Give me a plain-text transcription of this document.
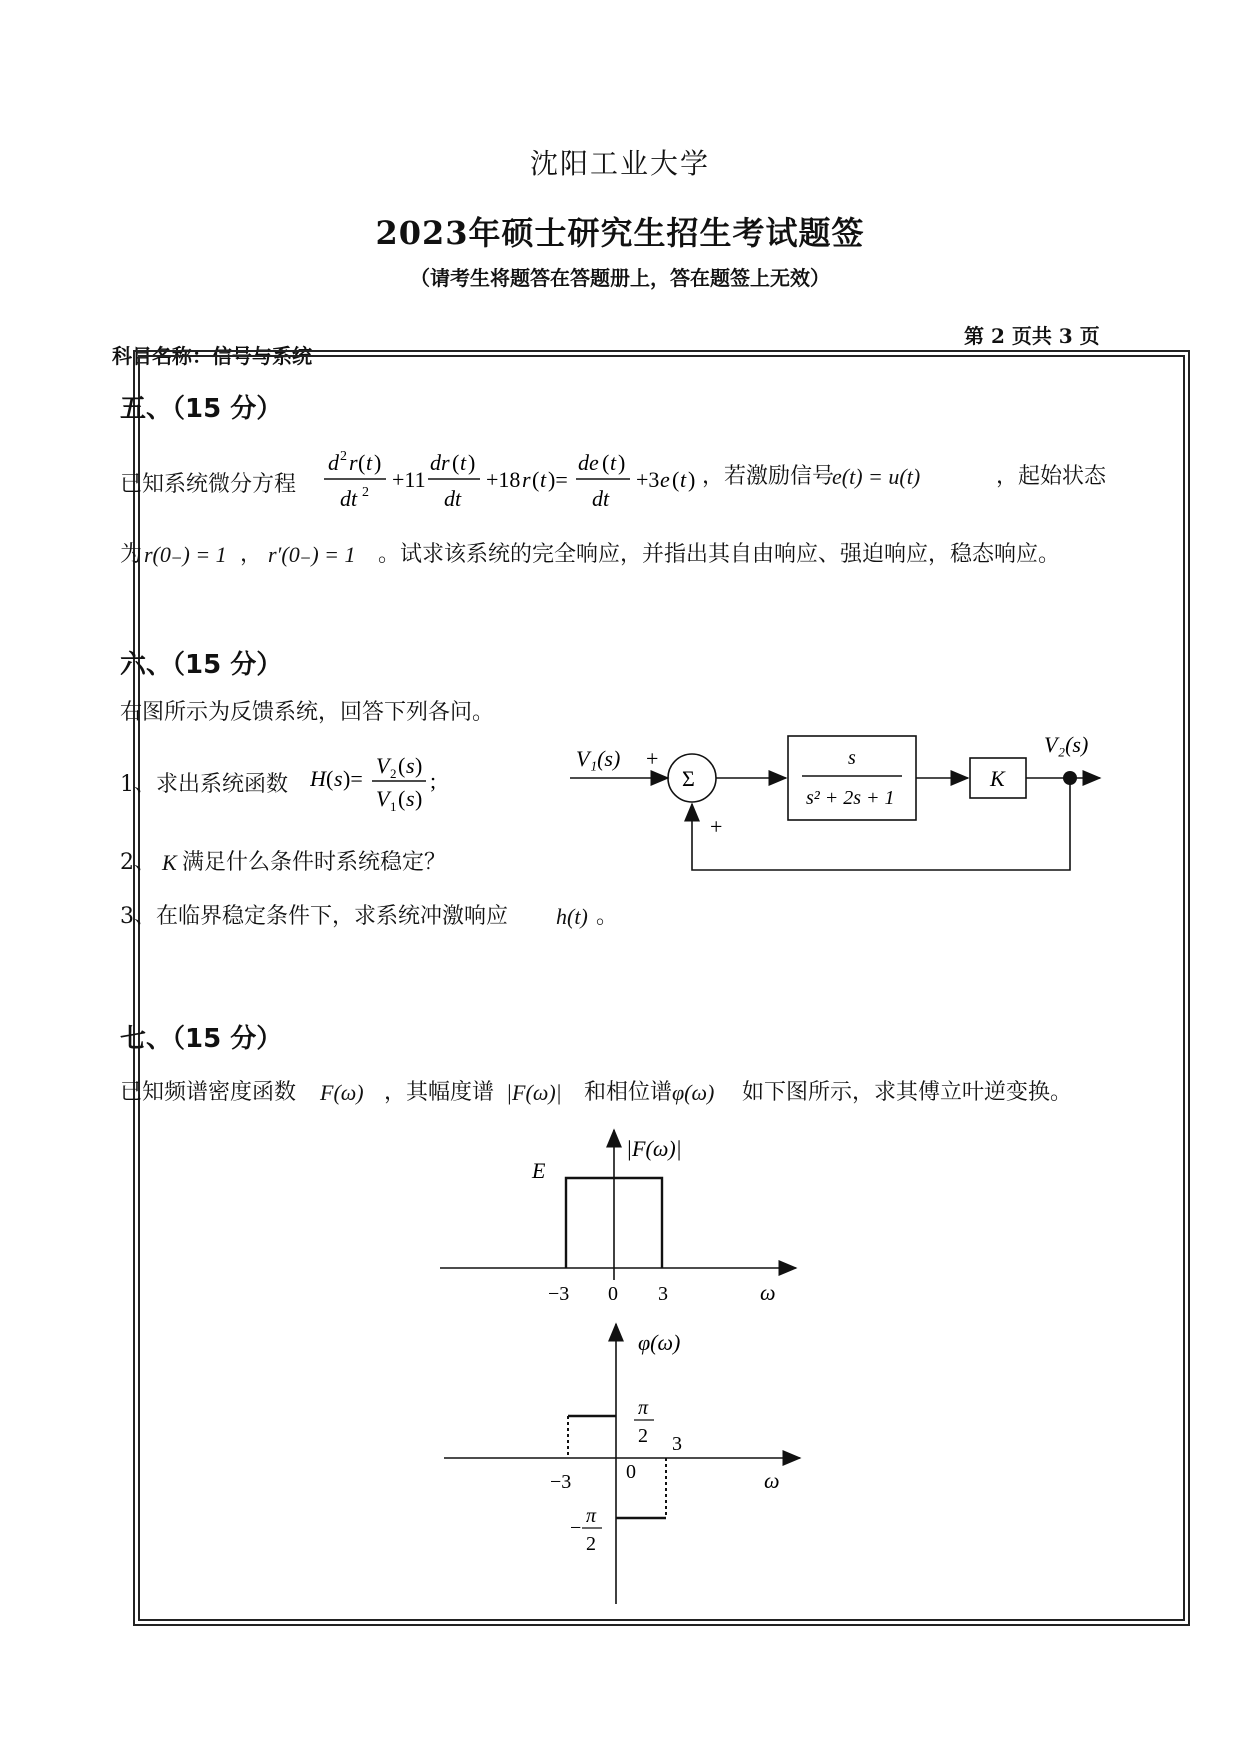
沈阳工业大学
2023年硕士研究生招生考试题签
（请考生将题答在答题册上，答在题签上无效）
第 2 页共 3 页
科目名称：信号与系统
五、（15 分）
已知系统微分方程
d 2 r ( t )
dt 2
+11
dr ( t )
dt
+18 r ( t )=
de ( t )
dt
+3 e ( t ) ，若激励信号
e(t) = u(t)	，起始状态
为 r(0₋) = 1 ， r′(0₋) = 1 。试求该系统的完全响应，并指出其自由响应、强迫响应，稳态响应。
六、（15 分）
右图所示为反馈系统，回答下列各问。
1、求出系统函数 H ( s )=
V 2 ( s )
V 1 ( s )
;
2、 K 满足什么条件时系统稳定？
3、在临界稳定条件下，求系统冲激响应 h(t) 。
V₁(s) +
Σ
+
s
s² + 2s + 1
K
V₂(s)
七、（15 分）
已知频谱密度函数 F(ω) ，其幅度谱 |F(ω)| 和相位谱 φ(ω) 如下图所示，求其傅立叶逆变换。
|F(ω)|
E
−3 0 3	ω
φ(ω)
π
2 3
0
−3	ω
−
π
2
